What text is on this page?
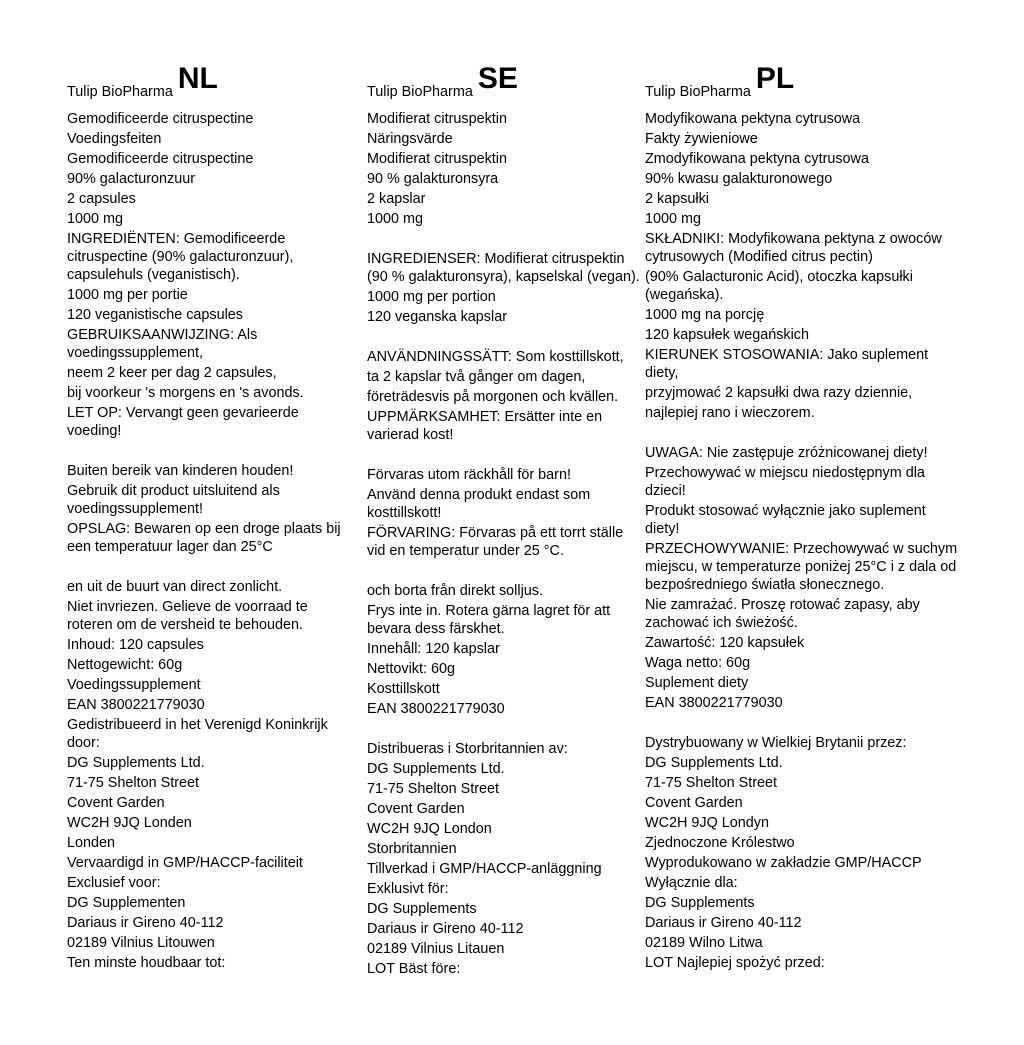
Tulip BioPharma NL
Gemodificeerde citruspectine
Voedingsfeiten
Gemodificeerde citruspectine
90% galacturonzuur
2 capsules
1000 mg
INGREDIËNTEN: Gemodificeerde citruspectine (90% galacturonzuur), capsulehuls (veganistisch).
1000 mg per portie
120 veganistische capsules
GEBRUIKSAANWIJZING: Als voedingssupplement,
neem 2 keer per dag 2 capsules,
bij voorkeur 's morgens en 's avonds.
LET OP: Vervangt geen gevarieerde voeding!
Buiten bereik van kinderen houden!
Gebruik dit product uitsluitend als voedingssupplement!
OPSLAG: Bewaren op een droge plaats bij een temperatuur lager dan 25°C
en uit de buurt van direct zonlicht.
Niet invriezen. Gelieve de voorraad te roteren om de versheid te behouden.
Inhoud: 120 capsules
Nettogewicht: 60g
Voedingssupplement
EAN 3800221779030
Gedistribueerd in het Verenigd Koninkrijk door:
DG Supplements Ltd.
71-75 Shelton Street
Covent Garden
WC2H 9JQ Londen
Londen
Vervaardigd in GMP/HACCP-faciliteit
Exclusief voor:
DG Supplementen
Dariaus ir Gireno 40-112
02189 Vilnius Litouwen
Ten minste houdbaar tot:
Tulip BioPharma SE
Modifierat citruspektin
Näringsvärde
Modifierat citruspektin
90 % galakturonsyra
2 kapslar
1000 mg
INGREDIENSER: Modifierat citruspektin (90 % galakturonsyra), kapselskal (vegan).
1000 mg per portion
120 veganska kapslar
ANVÄNDNINGSSÄTT: Som kosttillskott,
ta 2 kapslar två gånger om dagen,
företrädesvis på morgonen och kvällen.
UPPMÄRKSAMHET: Ersätter inte en varierad kost!
Förvaras utom räckhåll för barn!
Använd denna produkt endast som kosttillskott!
FÖRVARING: Förvaras på ett torrt ställe vid en temperatur under 25 °C.
och borta från direkt solljus.
Frys inte in. Rotera gärna lagret för att bevara dess färskhet.
Innehåll: 120 kapslar
Nettovikt: 60g
Kosttillskott
EAN 3800221779030
Distribueras i Storbritannien av:
DG Supplements Ltd.
71-75 Shelton Street
Covent Garden
WC2H 9JQ London
Storbritannien
Tillverkad i GMP/HACCP-anläggning
Exklusivt för:
DG Supplements
Dariaus ir Gireno 40-112
02189 Vilnius Litauen
LOT Bäst före:
Tulip BioPharma PL
Modyfikowana pektyna cytrusowa
Fakty żywieniowe
Zmodyfikowana pektyna cytrusowa
90% kwasu galakturonowego
2 kapsułki
1000 mg
SKŁADNIKI: Modyfikowana pektyna z owoców cytrusowych (Modified citrus pectin)
(90% Galacturonic Acid), otoczka kapsułki (wegańska).
1000 mg na porcję
120 kapsułek wegańskich
KIERUNEK STOSOWANIA: Jako suplement diety,
przyjmować 2 kapsułki dwa razy dziennie,
najlepiej rano i wieczorem.
UWAGA: Nie zastępuje zróżnicowanej diety!
Przechowywać w miejscu niedostępnym dla dzieci!
Produkt stosować wyłącznie jako suplement diety!
PRZECHOWYWANIE: Przechowywać w suchym miejscu, w temperaturze poniżej 25°C i z dala od bezpośredniego światła słonecznego.
Nie zamrażać. Proszę rotować zapasy, aby zachować ich świeżość.
Zawartość: 120 kapsułek
Waga netto: 60g
Suplement diety
EAN 3800221779030
Dystrybuowany w Wielkiej Brytanii przez:
DG Supplements Ltd.
71-75 Shelton Street
Covent Garden
WC2H 9JQ Londyn
Zjednoczone Królestwo
Wyprodukowano w zakładzie GMP/HACCP
Wyłącznie dla:
DG Supplements
Dariaus ir Gireno 40-112
02189 Wilno Litwa
LOT Najlepiej spożyć przed:
